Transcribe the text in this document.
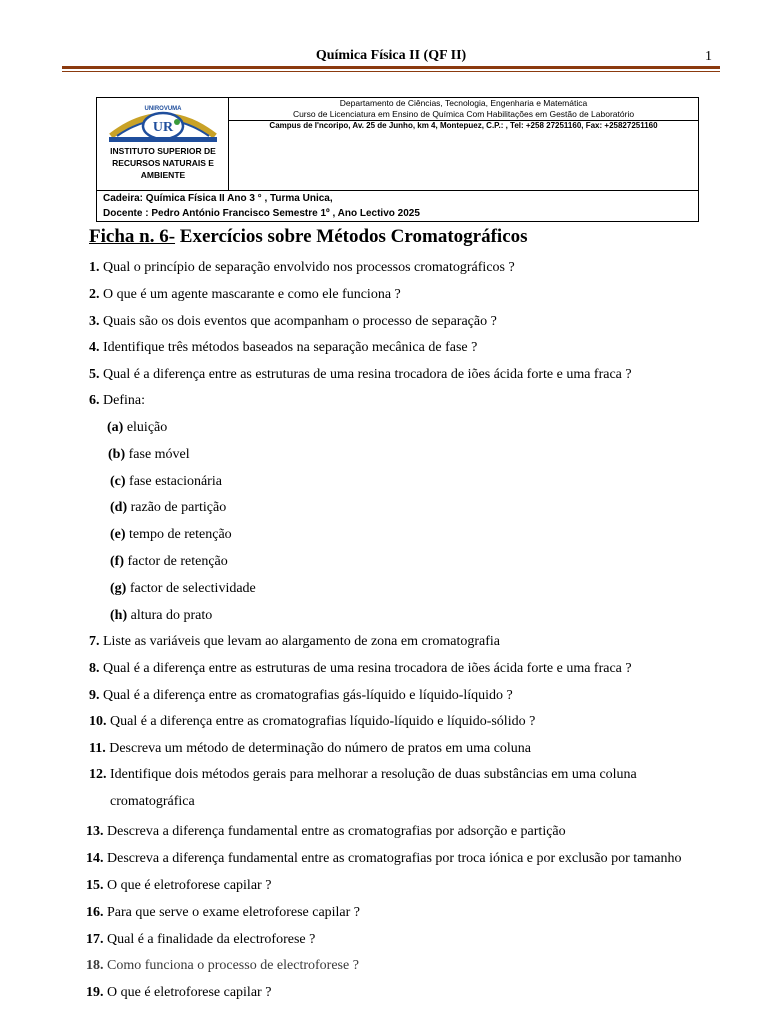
Química Física II (QF II)	1
UR
UNIROVUMA
INSTITUTO SUPERIOR DE
RECURSOS NATURAIS E
AMBIENTE
Departamento de Ciências, Tecnologia, Engenharia e Matemática
Curso de Licenciatura em Ensino de Química Com Habilitações em Gestão de Laboratório
Campus de I'ncoripo, Av. 25 de Junho, km 4, Montepuez, C.P.: , Tel: +258 27251160, Fax: +25827251160
Cadeira: Química Física II Ano 3 ° , Turma Unica,
Docente : Pedro António Francisco Semestre 1º , Ano Lectivo 2025
Ficha n. 6- Exercícios sobre Métodos Cromatográficos
1. Qual o princípio de separação envolvido nos processos cromatográficos ?
2. O que é um agente mascarante e como ele funciona ?
3. Quais são os dois eventos que acompanham o processo de separação ?
4. Identifique três métodos baseados na separação mecânica de fase ?
5. Qual é a diferença entre as estruturas de uma resina trocadora de iões ácida forte e uma fraca ?
6. Defina:
(a) eluição
(b) fase móvel
(c) fase estacionária
(d) razão de partição
(e) tempo de retenção
(f) factor de retenção
(g) factor de selectividade
(h) altura do prato
7. Liste as variáveis que levam ao alargamento de zona em cromatografia
8. Qual é a diferença entre as estruturas de uma resina trocadora de iões ácida forte e uma fraca ?
9. Qual é a diferença entre as cromatografias gás-líquido e líquido-líquido ?
10. Qual é a diferença entre as cromatografias líquido-líquido e líquido-sólido ?
11. Descreva um método de determinação do número de pratos em uma coluna
12. Identifique dois métodos gerais para melhorar a resolução de duas substâncias em uma coluna
cromatográfica
13. Descreva a diferença fundamental entre as cromatografias por adsorção e partição
14. Descreva a diferença fundamental entre as cromatografias por troca iónica e por exclusão por tamanho
15. O que é eletroforese capilar ?
16. Para que serve o exame eletroforese capilar ?
17. Qual é a finalidade da electroforese ?
18. Como funciona o processo de electroforese ?
19. O que é eletroforese capilar ?
